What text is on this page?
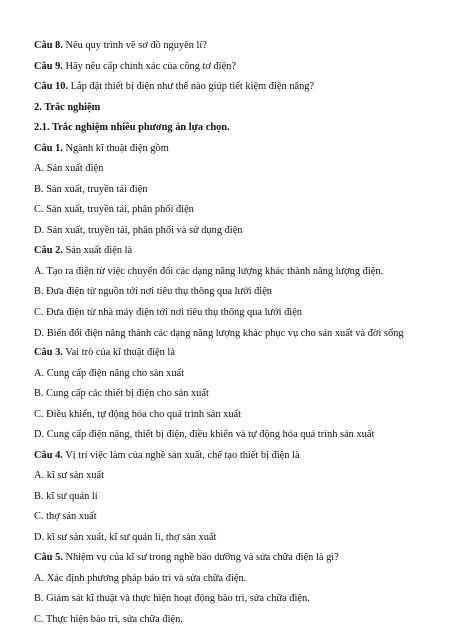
Câu 8. Nêu quy trình vẽ sơ đồ nguyên lí?
Câu 9. Hãy nêu cấp chính xác của công tơ điện?
Câu 10. Lắp đặt thiết bị điện như thế nào giúp tiết kiệm điện năng?
2. Trắc nghiệm
2.1. Trắc nghiệm nhiều phương án lựa chọn.
Câu 1. Ngành kĩ thuật điện gồm
A. Sản xuất điện
B. Sản xuất, truyền tải điện
C. Sản xuất, truyền tải, phân phối điện
D. Sản xuất, truyền tải, phân phối và sử dụng điện
Câu 2. Sản xuất điện là
A. Tạo ra điện từ việc chuyển đổi các dạng năng lượng khác thành năng lượng điện.
B. Đưa điện từ nguồn tới nơi tiêu thụ thông qua lưới điện
C. Đưa điện từ nhà máy điện tới nơi tiêu thụ thông qua lưới điện
D. Biến đổi điện năng thành các dạng năng lượng khác phục vụ cho sản xuất và đời sống
Câu 3. Vai trò của kĩ thuật điện là
A. Cung cấp điện năng cho sản xuất
B. Cung cấp các thiết bị điện cho sản xuất
C. Điều khiển, tự động hóa cho quá trình sản xuất
D. Cung cấp điện năng, thiết bị điện, điều khiển và tự động hóa quá trình sản xuất
Câu 4. Vị trí việc làm của nghề sản xuất, chế tạo thiết bị điện là
A. kĩ sư sản xuất
B. kĩ sư quản lí
C. thợ sản xuất
D. kĩ sư sản xuất, kĩ sư quản lí, thợ sản xuất
Câu 5. Nhiệm vụ của kĩ sư trong nghề bảo dưỡng và sửa chữa điện là gì?
A. Xác định phương pháp bảo trì và sửa chữa điện.
B. Giám sát kĩ thuật và thực hiện hoạt động bảo trì, sửa chữa điện.
C. Thực hiện bảo trì, sửa chữa điện.
